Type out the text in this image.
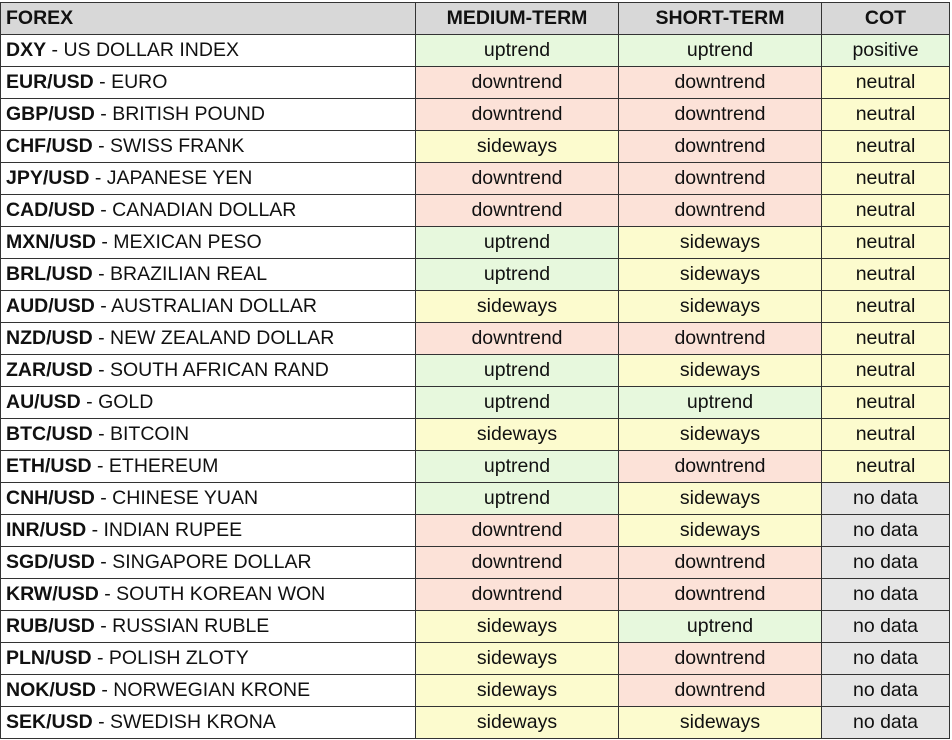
FOREX	MEDIUM-TERM	SHORT-TERM	COT
DXY - US DOLLAR INDEX	uptrend	uptrend	positive
EUR/USD - EURO	downtrend	downtrend	neutral
GBP/USD - BRITISH POUND	downtrend	downtrend	neutral
CHF/USD - SWISS FRANK	sideways	downtrend	neutral
JPY/USD - JAPANESE YEN	downtrend	downtrend	neutral
CAD/USD - CANADIAN DOLLAR	downtrend	downtrend	neutral
MXN/USD - MEXICAN PESO	uptrend	sideways	neutral
BRL/USD - BRAZILIAN REAL	uptrend	sideways	neutral
AUD/USD - AUSTRALIAN DOLLAR	sideways	sideways	neutral
NZD/USD - NEW ZEALAND DOLLAR	downtrend	downtrend	neutral
ZAR/USD - SOUTH AFRICAN RAND	uptrend	sideways	neutral
AU/USD - GOLD	uptrend	uptrend	neutral
BTC/USD - BITCOIN	sideways	sideways	neutral
ETH/USD - ETHEREUM	uptrend	downtrend	neutral
CNH/USD - CHINESE YUAN	uptrend	sideways	no data
INR/USD - INDIAN RUPEE	downtrend	sideways	no data
SGD/USD - SINGAPORE DOLLAR	downtrend	downtrend	no data
KRW/USD - SOUTH KOREAN WON	downtrend	downtrend	no data
RUB/USD - RUSSIAN RUBLE	sideways	uptrend	no data
PLN/USD - POLISH ZLOTY	sideways	downtrend	no data
NOK/USD - NORWEGIAN KRONE	sideways	downtrend	no data
SEK/USD - SWEDISH KRONA	sideways	sideways	no data
